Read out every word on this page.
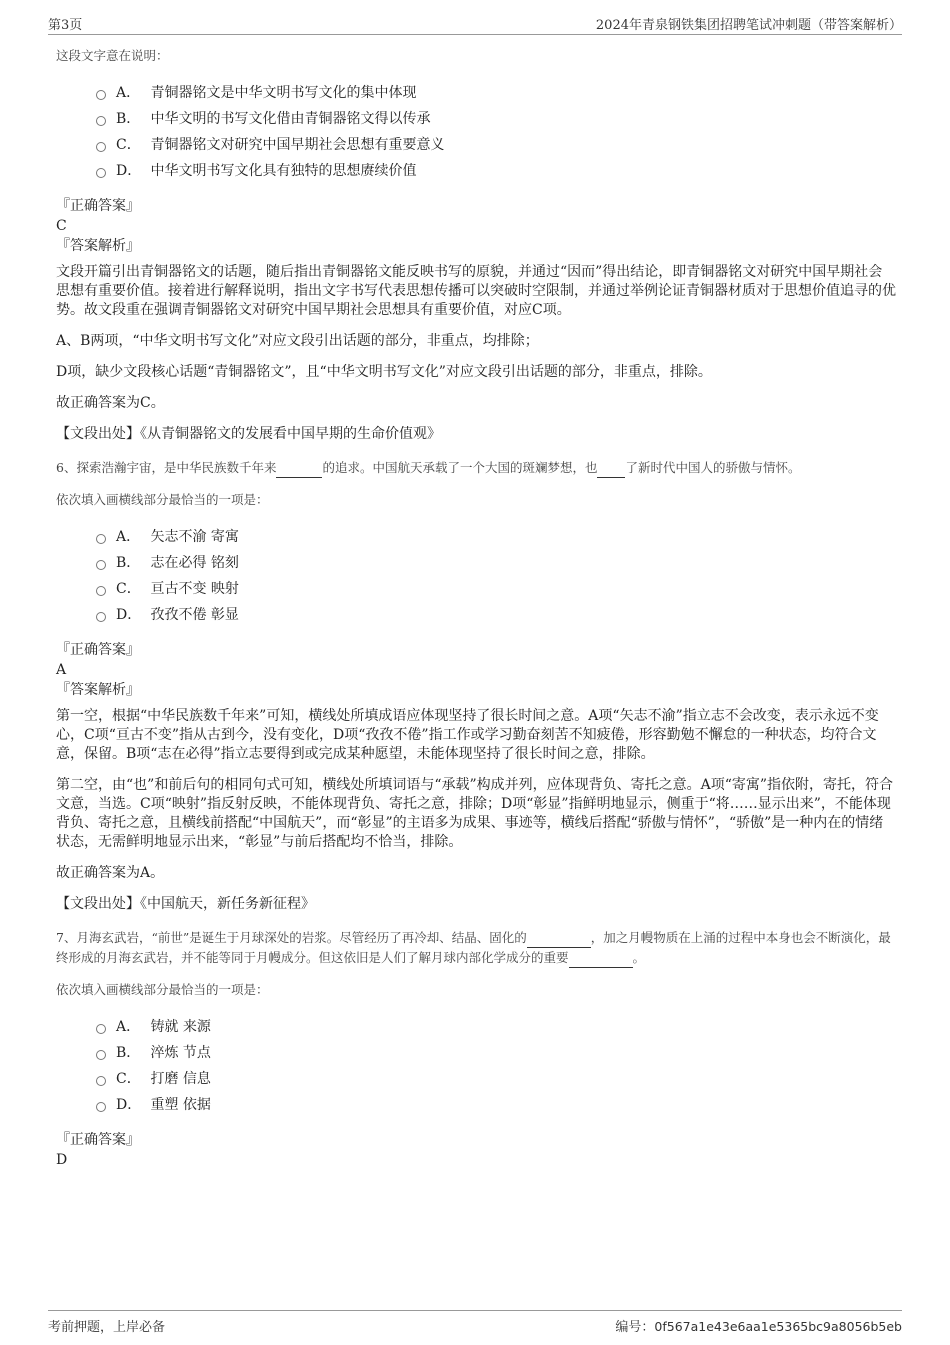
第3页	2024年青泉钢铁集团招聘笔试冲刺题（带答案解析）
这段文字意在说明：
A． 青铜器铭文是中华文明书写文化的集中体现
B． 中华文明的书写文化借由青铜器铭文得以传承
C． 青铜器铭文对研究中国早期社会思想有重要意义
D． 中华文明书写文化具有独特的思想赓续价值
『正确答案』
C
『答案解析』

文段开篇引出青铜器铭文的话题，随后指出青铜器铭文能反映书写的原貌，并通过“因而”得出结论，即青铜器铭文对研究中国早期社会思想有重要价值。接着进行解释说明，指出文字书写代表思想传播可以突破时空限制，并通过举例论证青铜器材质对于思想价值追寻的优势。故文段重在强调青铜器铭文对研究中国早期社会思想具有重要价值，对应C项。

A、B两项，“中华文明书写文化”对应文段引出话题的部分，非重点，均排除；

D项，缺少文段核心话题“青铜器铭文”，且“中华文明书写文化”对应文段引出话题的部分，非重点，排除。

故正确答案为C。

【文段出处】《从青铜器铭文的发展看中国早期的生命价值观》

6、探索浩瀚宇宙，是中华民族数千年来	的追求。中国航天承载了一个大国的斑斓梦想，也 了新时代中国人的骄傲与情怀。
依次填入画横线部分最恰当的一项是：
A． 矢志不渝 寄寓
B． 志在必得 铭刻
C． 亘古不变 映射
D． 孜孜不倦 彰显
『正确答案』
A
『答案解析』

第一空，根据“中华民族数千年来”可知，横线处所填成语应体现坚持了很长时间之意。A项“矢志不渝”指立志不会改变，表示永远不变心，C项“亘古不变”指从古到今，没有变化，D项“孜孜不倦”指工作或学习勤奋刻苦不知疲倦，形容勤勉不懈怠的一种状态，均符合文意，保留。B项“志在必得”指立志要得到或完成某种愿望，未能体现坚持了很长时间之意，排除。

第二空，由“也”和前后句的相同句式可知，横线处所填词语与“承载”构成并列，应体现背负、寄托之意。A项“寄寓”指依附，寄托，符合文意，当选。C项“映射”指反射反映，不能体现背负、寄托之意，排除；D项“彰显”指鲜明地显示，侧重于“将……显示出来”，不能体现背负、寄托之意，且横线前搭配“中国航天”，而“彰显”的主语多为成果、事迹等，横线后搭配“骄傲与情怀”，“骄傲”是一种内在的情绪状态，无需鲜明地显示出来，“彰显”与前后搭配均不恰当，排除。

故正确答案为A。

【文段出处】《中国航天，新任务新征程》

7、月海玄武岩，“前世”是诞生于月球深处的岩浆。尽管经历了再冷却、结晶、固化的	，加之月幔物质在上涌的过程中本身也会不断演化，最终形成的月海玄武岩，并不能等同于月幔成分。但这依旧是人们了解月球内部化学成分的重要	。
依次填入画横线部分最恰当的一项是：
A． 铸就 来源
B． 淬炼 节点
C． 打磨 信息
D． 重塑 依据
『正确答案』
D
考前押题，上岸必备	编号：0f567a1e43e6aa1e5365bc9a8056b5eb
